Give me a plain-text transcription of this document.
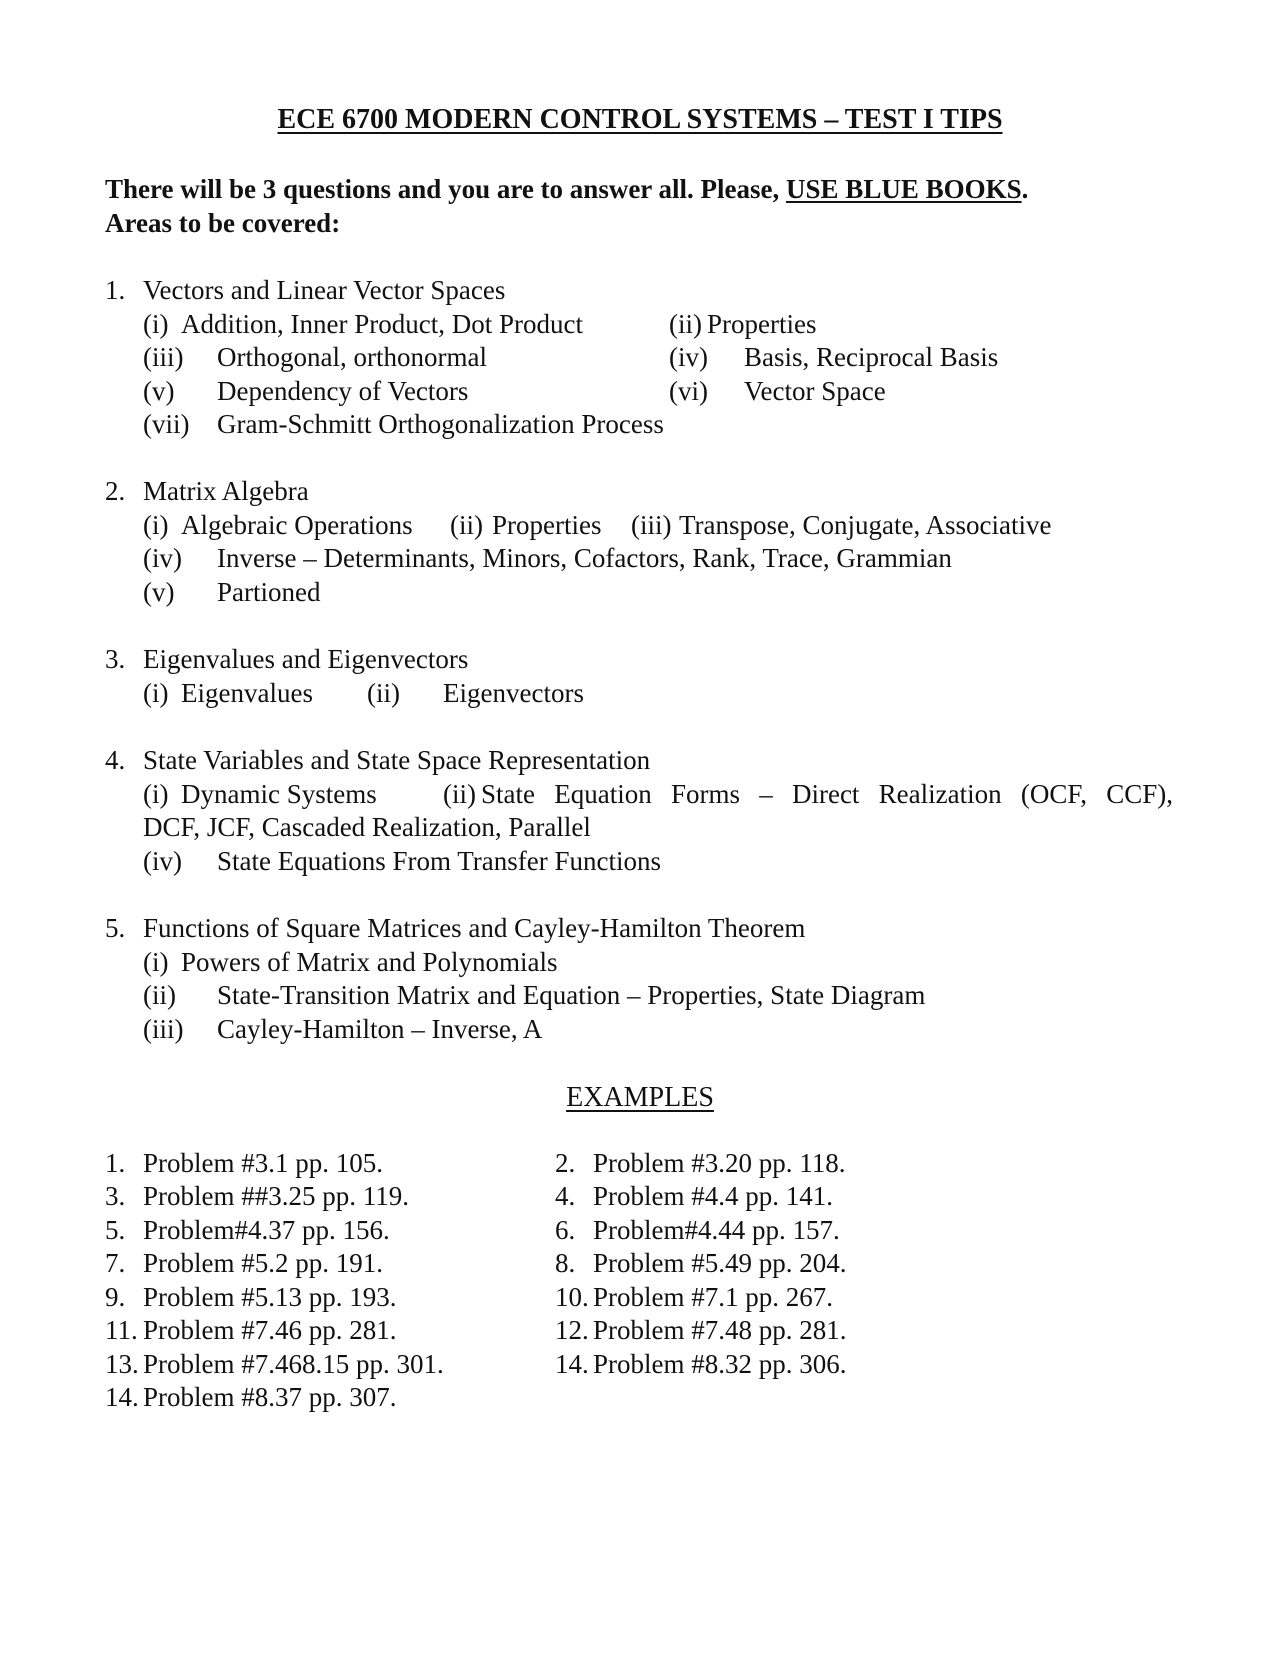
ECE 6700 MODERN CONTROL SYSTEMS – TEST I TIPS
There will be 3 questions and you are to answer all. Please, USE BLUE BOOKS.
Areas to be covered:
1. Vectors and Linear Vector Spaces
(i) Addition, Inner Product, Dot Product	(ii) Properties
(iii) Orthogonal, orthonormal	(iv) Basis, Reciprocal Basis
(v) Dependency of Vectors	(vi) Vector Space
(vii) Gram-Schmitt Orthogonalization Process
2. Matrix Algebra
(i) Algebraic Operations (ii) Properties (iii) Transpose, Conjugate, Associative
(iv) Inverse – Determinants, Minors, Cofactors, Rank, Trace, Grammian
(v) Partioned
3. Eigenvalues and Eigenvectors
(i) Eigenvalues (ii) Eigenvectors
4. State Variables and State Space Representation
(i) Dynamic Systems (ii) State Equation Forms – Direct Realization (OCF, CCF),
DCF, JCF, Cascaded Realization, Parallel
(iv) State Equations From Transfer Functions
5. Functions of Square Matrices and Cayley-Hamilton Theorem
(i) Powers of Matrix and Polynomials
(ii) State-Transition Matrix and Equation – Properties, State Diagram
(iii) Cayley-Hamilton – Inverse, A
EXAMPLES
1. Problem #3.1 pp. 105.	2. Problem #3.20 pp. 118.
3. Problem ##3.25 pp. 119.	4. Problem #4.4 pp. 141.
5. Problem#4.37 pp. 156.	6. Problem#4.44 pp. 157.
7. Problem #5.2 pp. 191.	8. Problem #5.49 pp. 204.
9. Problem #5.13 pp. 193.	10. Problem #7.1 pp. 267.
11. Problem #7.46 pp. 281.	12. Problem #7.48 pp. 281.
13. Problem #7.468.15 pp. 301.	14. Problem #8.32 pp. 306.
14. Problem #8.37 pp. 307.
